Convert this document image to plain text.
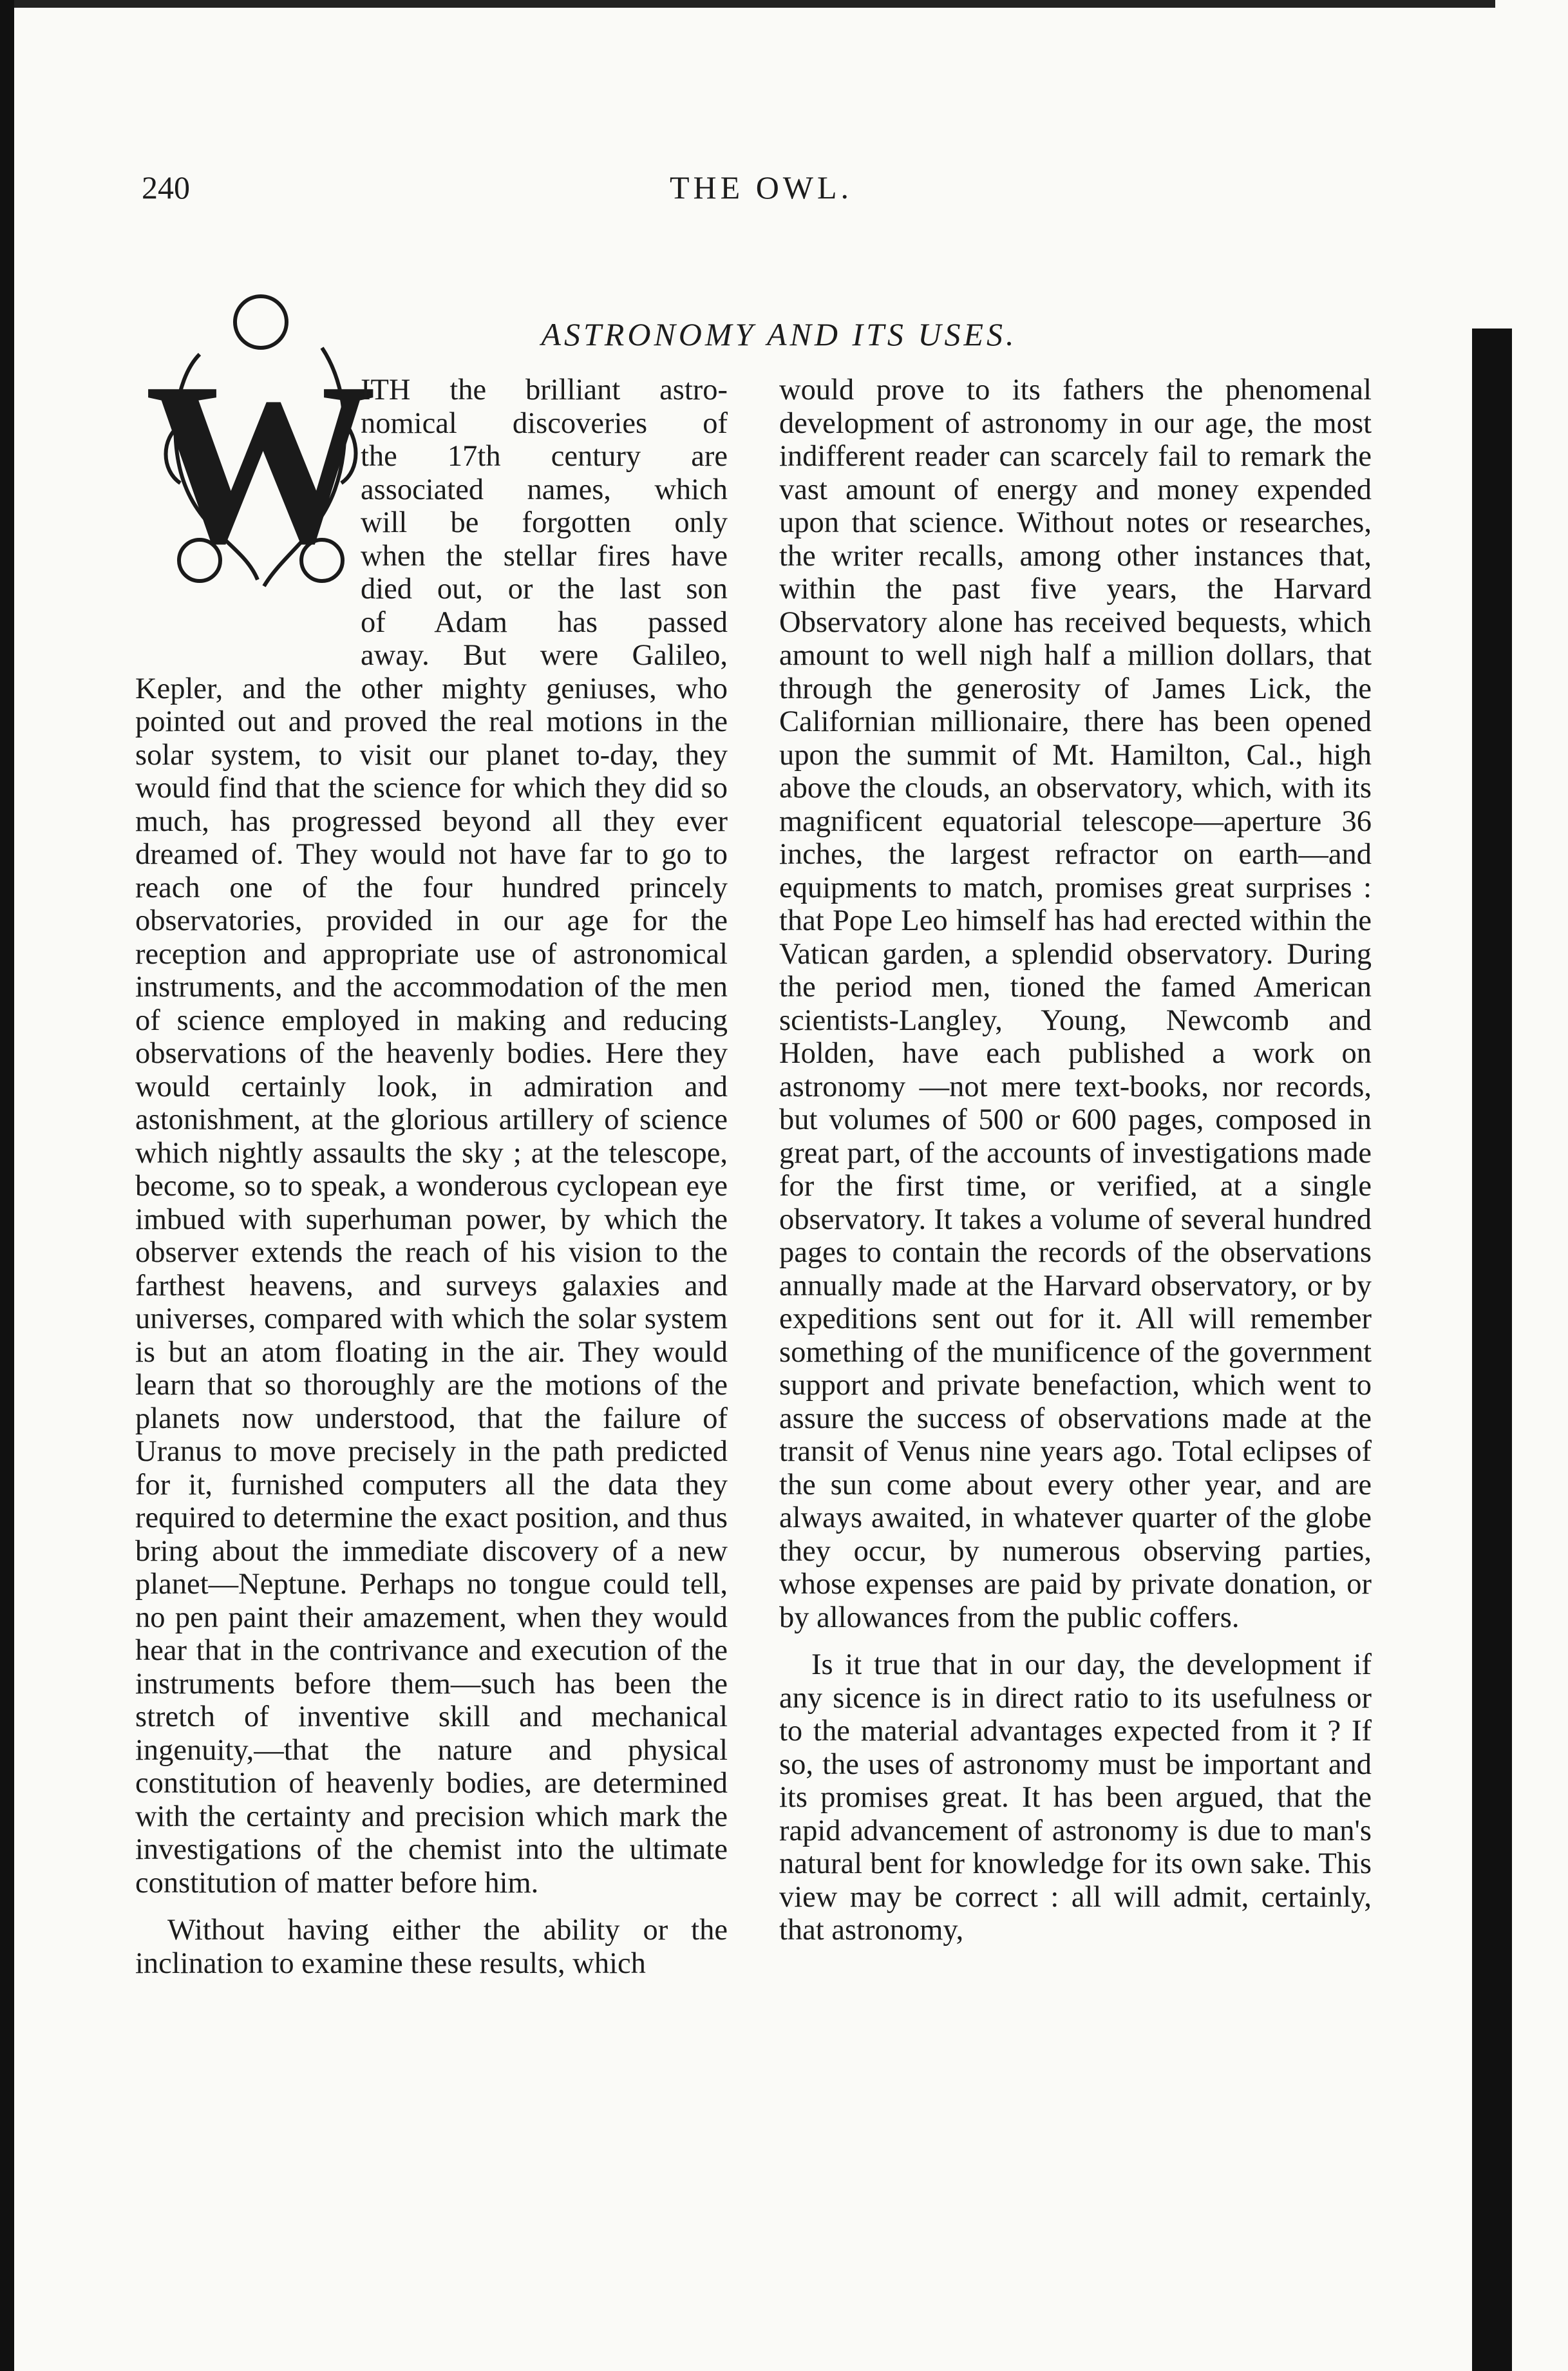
240	THE OWL.
ASTRONOMY AND ITS USES.
W
ITH the brilliant astro-
nomical discoveries of
the 17th century are
associated names, which
will be forgotten only
when the stellar fires have
died out, or the last son
of Adam has passed
away. But were Galileo,

Kepler, and the other mighty geniuses, who pointed out and proved the real motions in the solar system, to visit our planet to-day, they would find that the science for which they did so much, has progressed beyond all they ever dreamed of. They would not have far to go to reach one of the four hundred princely observatories, provided in our age for the reception and appropriate use of astronomical instruments, and the accommodation of the men of science employed in making and reducing observations of the heavenly bodies. Here they would certainly look, in admiration and astonishment, at the glorious artillery of science which nightly assaults the sky ; at the telescope, become, so to speak, a wonderous cyclopean eye imbued with superhuman power, by which the observer extends the reach of his vision to the farthest heavens, and surveys galaxies and universes, compared with which the solar system is but an atom floating in the air. They would learn that so thoroughly are the motions of the planets now understood, that the failure of Uranus to move precisely in the path predicted for it, furnished computers all the data they required to determine the exact position, and thus bring about the immediate discovery of a new planet—Neptune. Perhaps no tongue could tell, no pen paint their amazement, when they would hear that in the contrivance and execution of the instruments before them—such has been the stretch of inventive skill and mechanical ingenuity,—that the nature and physical constitution of heavenly bodies, are determined with the certainty and precision which mark the investigations of the chemist into the ultimate constitution of matter before him.

Without having either the ability or the inclination to examine these results, which

would prove to its fathers the phenomenal development of astronomy in our age, the most indifferent reader can scarcely fail to remark the vast amount of energy and money expended upon that science. Without notes or researches, the writer recalls, among other instances that, within the past five years, the Harvard Observatory alone has received bequests, which amount to well nigh half a million dollars, that through the generosity of James Lick, the Californian millionaire, there has been opened upon the summit of Mt. Hamilton, Cal., high above the clouds, an observatory, which, with its magnificent equatorial telescope—aperture 36 inches, the largest refractor on earth—and equipments to match, promises great surprises : that Pope Leo himself has had erected within the Vatican garden, a splendid observatory. During the period men, tioned the famed American scientists-Langley, Young, Newcomb and Holden, have each published a work on astronomy —not mere text-books, nor records, but volumes of 500 or 600 pages, composed in great part, of the accounts of investigations made for the first time, or verified, at a single observatory. It takes a volume of several hundred pages to contain the records of the observations annually made at the Harvard observatory, or by expeditions sent out for it. All will remember something of the munificence of the government support and private benefaction, which went to assure the success of observations made at the transit of Venus nine years ago. Total eclipses of the sun come about every other year, and are always awaited, in whatever quarter of the globe they occur, by numerous observing parties, whose expenses are paid by private donation, or by allowances from the public coffers.

Is it true that in our day, the development if any sicence is in direct ratio to its usefulness or to the material advantages expected from it ? If so, the uses of astronomy must be important and its promises great. It has been argued, that the rapid advancement of astronomy is due to man's natural bent for knowledge for its own sake. This view may be correct : all will admit, certainly, that astronomy,
